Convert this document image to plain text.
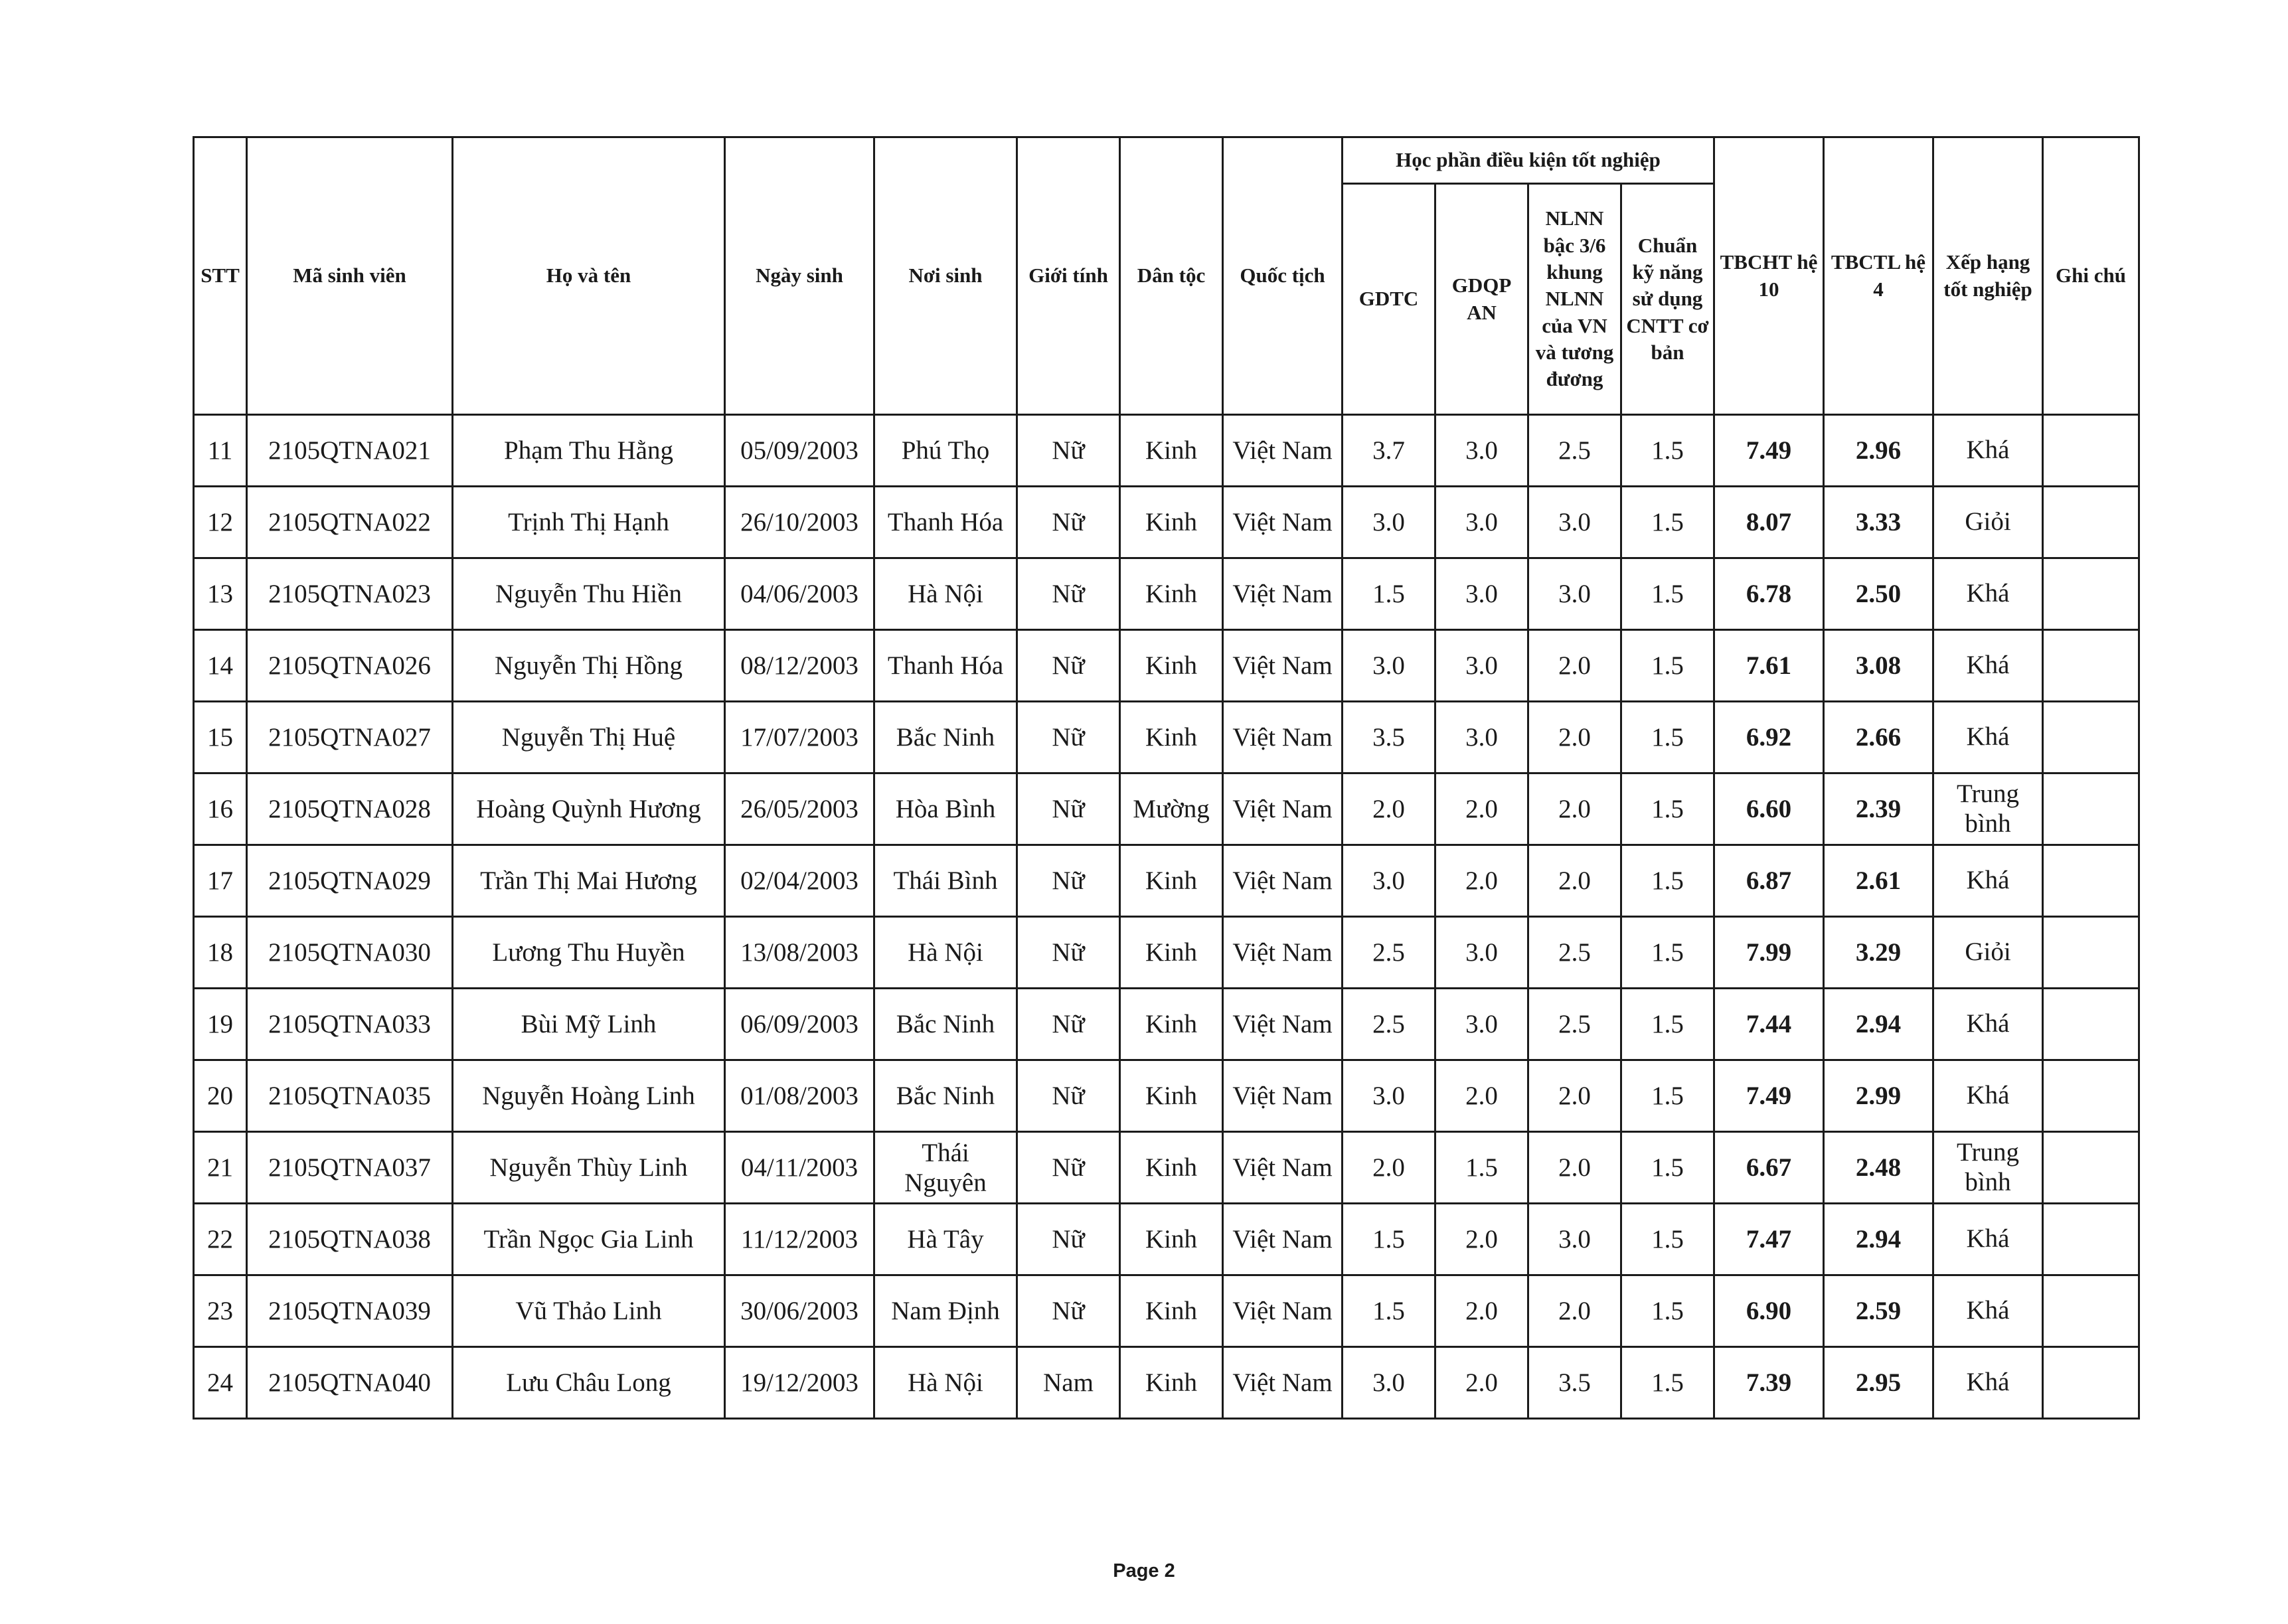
STT	Mã sinh viên	Họ và tên	Ngày sinh	Nơi sinh	Giới tính	Dân tộc	Quốc tịch	Học phần điều kiện tốt nghiệp				TBCHT hệ 10	TBCTL hệ 4	Xếp hạng tốt nghiệp	Ghi chú
								GDTC	GDQP AN	NLNN bậc 3/6 khung NLNN của VN và tương đương	Chuẩn kỹ năng sử dụng CNTT cơ bản				
11	2105QTNA021	Phạm Thu Hằng	05/09/2003	Phú Thọ	Nữ	Kinh	Việt Nam	3.7	3.0	2.5	1.5	7.49	2.96	Khá	
12	2105QTNA022	Trịnh Thị Hạnh	26/10/2003	Thanh Hóa	Nữ	Kinh	Việt Nam	3.0	3.0	3.0	1.5	8.07	3.33	Giỏi	
13	2105QTNA023	Nguyễn Thu Hiền	04/06/2003	Hà Nội	Nữ	Kinh	Việt Nam	1.5	3.0	3.0	1.5	6.78	2.50	Khá	
14	2105QTNA026	Nguyễn Thị Hồng	08/12/2003	Thanh Hóa	Nữ	Kinh	Việt Nam	3.0	3.0	2.0	1.5	7.61	3.08	Khá	
15	2105QTNA027	Nguyễn Thị Huệ	17/07/2003	Bắc Ninh	Nữ	Kinh	Việt Nam	3.5	3.0	2.0	1.5	6.92	2.66	Khá	
16	2105QTNA028	Hoàng Quỳnh Hương	26/05/2003	Hòa Bình	Nữ	Mường	Việt Nam	2.0	2.0	2.0	1.5	6.60	2.39	Trung bình	
17	2105QTNA029	Trần Thị Mai Hương	02/04/2003	Thái Bình	Nữ	Kinh	Việt Nam	3.0	2.0	2.0	1.5	6.87	2.61	Khá	
18	2105QTNA030	Lương Thu Huyền	13/08/2003	Hà Nội	Nữ	Kinh	Việt Nam	2.5	3.0	2.5	1.5	7.99	3.29	Giỏi	
19	2105QTNA033	Bùi Mỹ Linh	06/09/2003	Bắc Ninh	Nữ	Kinh	Việt Nam	2.5	3.0	2.5	1.5	7.44	2.94	Khá	
20	2105QTNA035	Nguyễn Hoàng Linh	01/08/2003	Bắc Ninh	Nữ	Kinh	Việt Nam	3.0	2.0	2.0	1.5	7.49	2.99	Khá	
21	2105QTNA037	Nguyễn Thùy Linh	04/11/2003	Thái Nguyên	Nữ	Kinh	Việt Nam	2.0	1.5	2.0	1.5	6.67	2.48	Trung bình	
22	2105QTNA038	Trần Ngọc Gia Linh	11/12/2003	Hà Tây	Nữ	Kinh	Việt Nam	1.5	2.0	3.0	1.5	7.47	2.94	Khá	
23	2105QTNA039	Vũ Thảo Linh	30/06/2003	Nam Định	Nữ	Kinh	Việt Nam	1.5	2.0	2.0	1.5	6.90	2.59	Khá	
24	2105QTNA040	Lưu Châu Long	19/12/2003	Hà Nội	Nam	Kinh	Việt Nam	3.0	2.0	3.5	1.5	7.39	2.95	Khá	
Page 2
